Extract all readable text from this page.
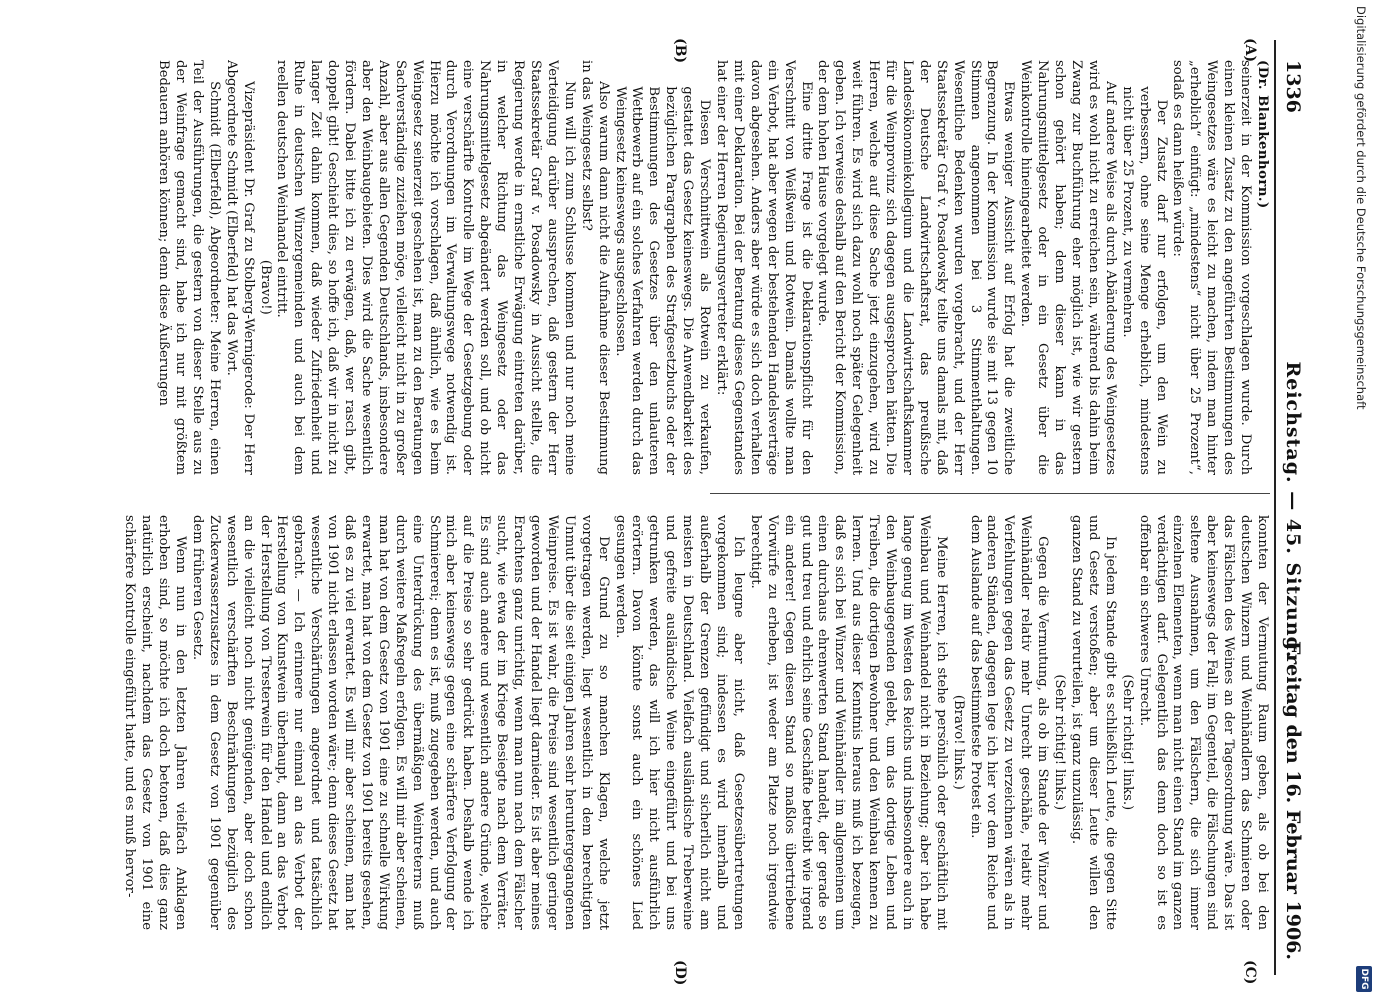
1336
Reichstag. — 45. Sitzung.
Freitag den 16. Februar 1906.
(A)
(B)
(C)
(D)

(Dr. Blankenhorn.)

seinerzeit in der Kommission vorgeschlagen wurde. Durch einen kleinen Zusatz zu den angeführten Bestimmungen des Weingesetzes wäre es leicht zu machen, indem man hinter „erheblich“ einfügt: „mindestens“ nicht über 25 Prozent“, sodaß es dann heißen würde:

Der Zusatz darf nur erfolgen, um den Wein zu verbessern, ohne seine Menge erheblich, mindestens nicht über 25 Prozent, zu vermehren.

Auf andere Weise als durch Abänderung des Weingesetzes wird es wohl nicht zu erreichen sein, während bis dahin beim Zwang zur Buchführung eher möglich ist, wie wir gestern schon gehört haben; denn dieser kann in das Nahrungsmittelgesetz oder in ein Gesetz über die Weinkontrolle hineingearbeitet werden.

Etwas weniger Aussicht auf Erfolg hat die zweitliche Begrenzung. In der Kommission wurde sie mit 13 gegen 10 Stimmen angenommen bei 3 Stimmenthaltungen. Wesentliche Bedenken wurden vorgebracht, und der Herr Staatssekretär Graf v. Posadowsky teilte uns damals mit, daß der Deutsche Landwirtschaftsrat, das preußische Landesökonomiekollegium und die Landwirtschaftskammer für die Weinprovinz sich dagegen ausgesprochen hätten. Die Herren, welche auf diese Sache jetzt einzugehen, wird zu weit führen. Es wird sich dazu wohl noch später Gelegenheit geben. Ich verweise deshalb auf den Bericht der Kommission, der dem hohen Hause vorgelegt wurde.

Eine dritte Frage ist die Deklarationspflicht für den Verschnitt von Weißwein und Rotwein. Damals wollte man ein Verbot, hat aber wegen der bestehenden Handelsverträge davon abgesehen. Anders aber würde es sich doch verhalten mit einer Deklaration. Bei der Beratung dieses Gegenstandes hat einer der Herren Regierungsvertreter erklärt:

Diesen Verschnittwein als Rotwein zu verkaufen, gestattet das Gesetz keineswegs. Die Anwendbarkeit des bezüglichen Paragraphen des Strafgesetzbuchs oder der Bestimmungen des Gesetzes über den unlauteren Wettbewerb auf ein solches Verfahren werden durch das Weingesetz keineswegs ausgeschlossen.

Also warum dann nicht die Aufnahme dieser Bestimmung in das Weingesetz selbst?

Nun will ich zum Schlusse kommen und nur noch meine Verteidigung darüber aussprechen, daß gestern der Herr Staatssekretär Graf v. Posadowsky in Aussicht stellte, die Regierung werde in ernstliche Erwägung eintreten darüber, in welcher Richtung das Weingesetz oder das Nahrungsmittelgesetz abgeändert werden soll, und ob nicht eine verschärfte Kontrolle im Wege der Gesetzgebung oder durch Verordnungen im Verwaltungswege notwendig ist. Hierzu möchte ich vorschlagen, daß ähnlich, wie es beim Weingesetz seinerzeit geschehen ist, man zu den Beratungen Sachverständige zuziehen möge, vielleicht nicht in zu großer Anzahl, aber aus allen Gegenden Deutschlands, insbesondere aber den Weinbaugebieten. Dies wird die Sache wesentlich fördern. Dabei bitte ich zu erwägen, daß, wer rasch gibt, doppelt gibt! Geschieht dies, so hoffe ich, daß wir in nicht zu langer Zeit dahin kommen, daß wieder Zufriedenheit und Ruhe in deutschen Winzergemeinden und auch bei dem reellen deutschen Weinhandel eintritt.

(Bravo!)

Vizepräsident Dr. Graf zu Stolberg-Wernigerode: Der Herr Abgeordnete Schmidt (Elberfeld) hat das Wort.

Schmidt (Elberfeld), Abgeordneter: Meine Herren, einen Teil der Ausführungen, die gestern von dieser Stelle aus zu der Weinfrage gemacht sind, habe ich nur mit größtem Bedauern anhören können; denn diese Äußerungen

konnten der Vermutung Raum geben, als ob bei den deutschen Winzern und Weinhändlern das Schmieren oder das Fälschen des Weines an der Tagesordnung wäre. Das ist aber keineswegs der Fall; im Gegenteil, die Fälschungen sind seltene Ausnahmen, um den Fälschern, die sich immer einzelnen Elementen, wenn man nicht einen Stand im ganzen verdächtigen darf. Gelegentlich das denn doch so ist es offenbar ein schweres Unrecht.

(Sehr richtig! links.)

In jedem Stande gibt es schließlich Leute, die gegen Sitte und Gesetz verstoßen; aber um dieser Leute willen den ganzen Stand zu verurteilen, ist ganz unzulässig.

(Sehr richtig! links.)

Gegen die Vermutung, als ob im Stande der Winzer und Weinhändler relativ mehr Unrecht geschähe, relativ mehr Verfehlungen gegen das Gesetz zu verzeichnen wären als in anderen Ständen, dagegen lege ich hier vor dem Reiche und dem Auslande auf das bestimmteste Protest ein.

(Bravo! links.)

Meine Herren, ich stehe persönlich oder geschäftlich mit Weinbau und Weinhandel nicht in Beziehung; aber ich habe lange genug im Westen des Reichs und insbesondere auch in den Weinbaugegenden gelebt, um das dortige Leben und Treiben, die dortigen Bewohner und den Weinbau kennen zu lernen. Und aus dieser Kenntnis heraus muß ich bezeugen, daß es sich bei Winzer und Weinhändler im allgemeinen um einen durchaus ehrenwerten Stand handelt, der gerade so gut und treu und ehrlich seine Geschäfte betreibt wie irgend ein anderer! Gegen diesen Stand so maßlos übertriebene Vorwürfe zu erheben, ist weder am Platze noch irgendwie berechtigt.

Ich leugne aber nicht, daß Gesetzesübertretungen vorgekommen sind; indessen es wird innerhalb und außerhalb der Grenzen gefündigt und sicherlich nicht am meisten in Deutschland. Vielfach ausländische Treberweine und gefreite ausländische Weine eingeführt und bei uns getrunken werden, das will ich hier nicht ausführlich erörtern. Davon könnte sonst auch ein schönes Lied gesungen werden.

Der Grund zu so manchen Klagen, welche jetzt vorgetragen werden, liegt wesentlich in dem berechtigten Unmut über die seit einigen Jahren sehr heruntergegangenen Weinpreise. Es ist wahr, die Preise sind wesentlich geringer geworden und der Handel liegt darnieder. Es ist aber meines Erachtens ganz unrichtig, wenn man nun nach dem Fälscher sucht, wie etwa der im Kriege Besiegte nach dem Verräter. Es sind auch andere und wesentlich andere Gründe, welche auf die Preise so sehr gedrückt haben. Deshalb wende ich mich aber keineswegs gegen eine schärfere Verfolgung der Schmiererei; denn es ist, muß zugegeben werden, und auch eine Unterdrückung des übermäßigen Weintreterns muß durch weitere Maßregeln erfolgen. Es will mir aber scheinen, man hat von dem Gesetz von 1901 eine zu schnelle Wirkung erwartet, man hat von dem Gesetz von 1901 bereits gesehen, daß es zu viel erwartet. Es will mir aber scheinen, man hat von 1901 nicht erlassen worden wäre; denn dieses Gesetz hat wesentliche Verschärfungen angeordnet und tatsächlich gebracht. — Ich erinnere nur einmal an das Verbot der Herstellung von Kunstwein überhaupt, dann an das Verbot der Herstellung von Tresterwein für den Handel und endlich an die vielleicht noch nicht genügenden, aber doch schon wesentlich verschärften Beschränkungen bezüglich des Zuckerwasserzusatzes in dem Gesetz von 1901 gegenüber dem früheren Gesetz.

Wenn nun in den letzten Jahren vielfach Anklagen erhoben sind, so möchte ich doch betonen, daß dies ganz natürlich erscheint, nachdem das Gesetz von 1901 eine schärfere Kontrolle eingeführt hatte, und es muß hervor-

Digitalisierung gefördert durch die Deutsche Forschungsgemeinschaft
DFG
